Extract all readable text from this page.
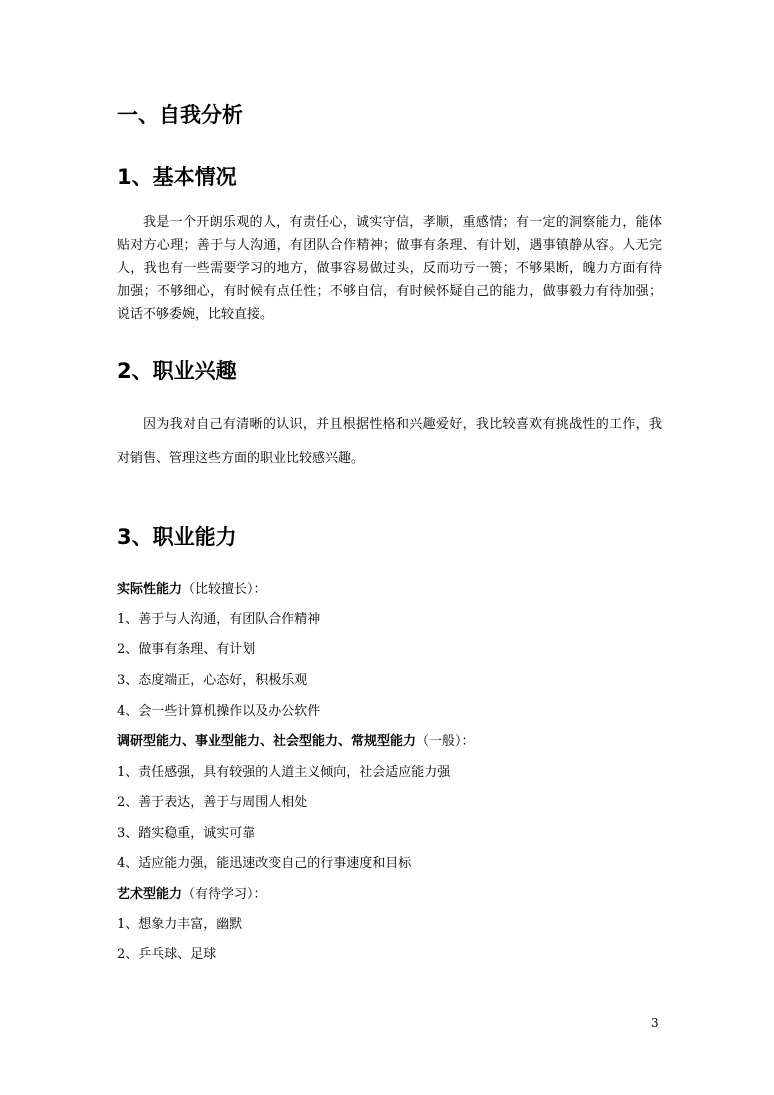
一、自我分析
1、基本情况

我是一个开朗乐观的人，有责任心，诚实守信，孝顺，重感情；有一定的洞察能力，能体贴对方心理；善于与人沟通，有团队合作精神；做事有条理、有计划，遇事镇静从容。人无完人，我也有一些需要学习的地方，做事容易做过头，反而功亏一篑；不够果断，魄力方面有待加强；不够细心，有时候有点任性；不够自信，有时候怀疑自己的能力，做事毅力有待加强；说话不够委婉，比较直接。

2、职业兴趣

因为我对自己有清晰的认识，并且根据性格和兴趣爱好，我比较喜欢有挑战性的工作，我对销售、管理这些方面的职业比较感兴趣。

3、职业能力

实际性能力（比较擅长）：

1、善于与人沟通，有团队合作精神

2、做事有条理、有计划

3、态度端正，心态好，积极乐观

4、会一些计算机操作以及办公软件

调研型能力、事业型能力、社会型能力、常规型能力（一般）：

1、责任感强，具有较强的人道主义倾向，社会适应能力强

2、善于表达，善于与周围人相处

3、踏实稳重，诚实可靠

4、适应能力强，能迅速改变自己的行事速度和目标

艺术型能力（有待学习）：

1、想象力丰富，幽默

2、乒乓球、足球

3
